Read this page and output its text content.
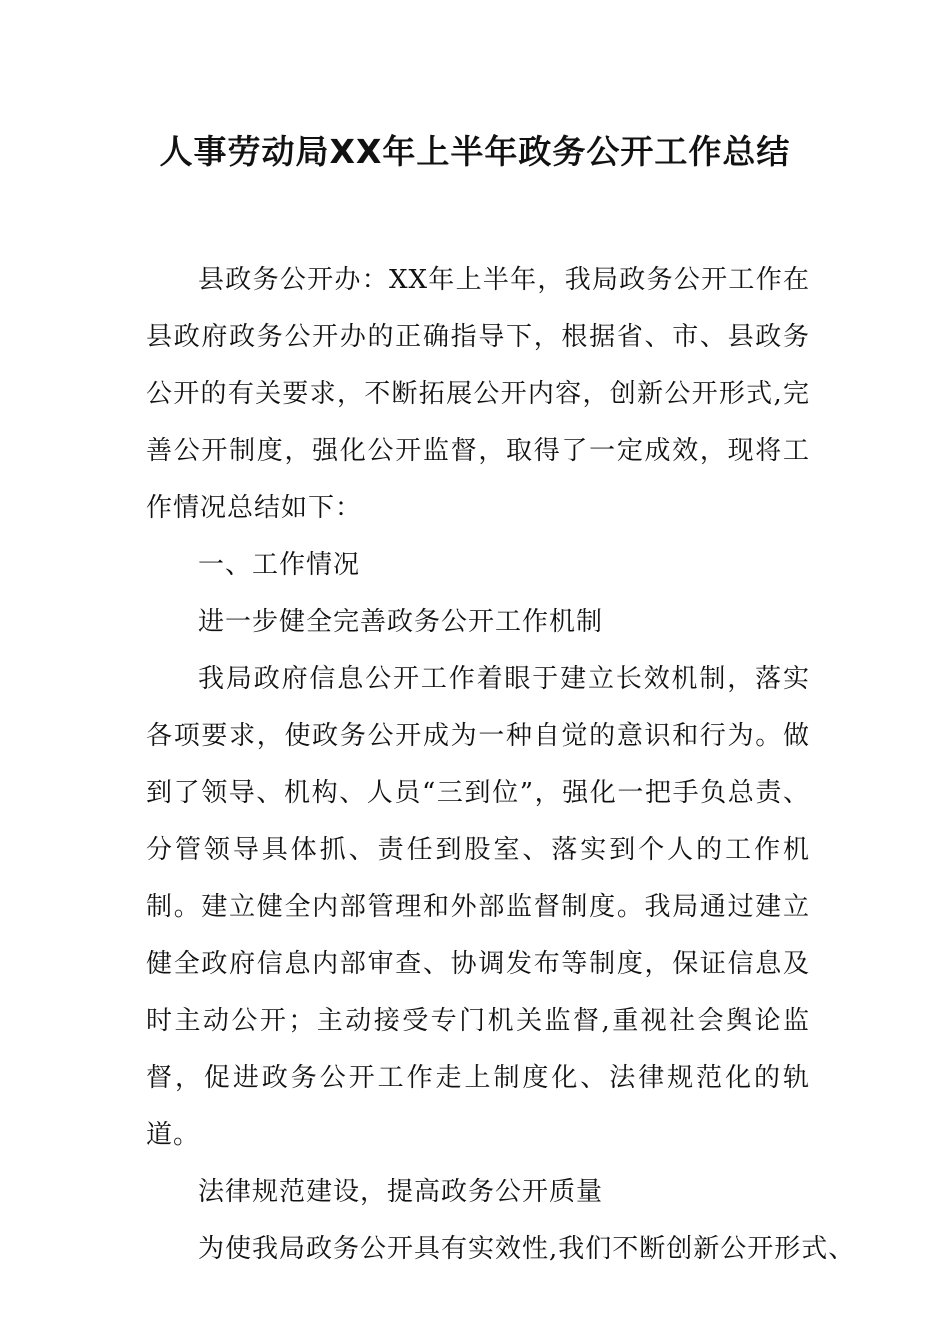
人事劳动局XX年上半年政务公开工作总结

县政务公开办：XX年上半年，我局政务公开工作在县政府政务公开办的正确指导下，根据省、市、县政务公开的有关要求，不断拓展公开内容，创新公开形式,完善公开制度，强化公开监督，取得了一定成效，现将工作情况总结如下：

一、工作情况

进一步健全完善政务公开工作机制

我局政府信息公开工作着眼于建立长效机制，落实各项要求，使政务公开成为一种自觉的意识和行为。做到了领导、机构、人员“三到位”，强化一把手负总责、分管领导具体抓、责任到股室、落实到个人的工作机制。建立健全内部管理和外部监督制度。我局通过建立健全政府信息内部审查、协调发布等制度，保证信息及时主动公开；主动接受专门机关监督,重视社会舆论监督，促进政务公开工作走上制度化、法律规范化的轨道。

法律规范建设，提高政务公开质量

为使我局政务公开具有实效性,我们不断创新公开形式、
